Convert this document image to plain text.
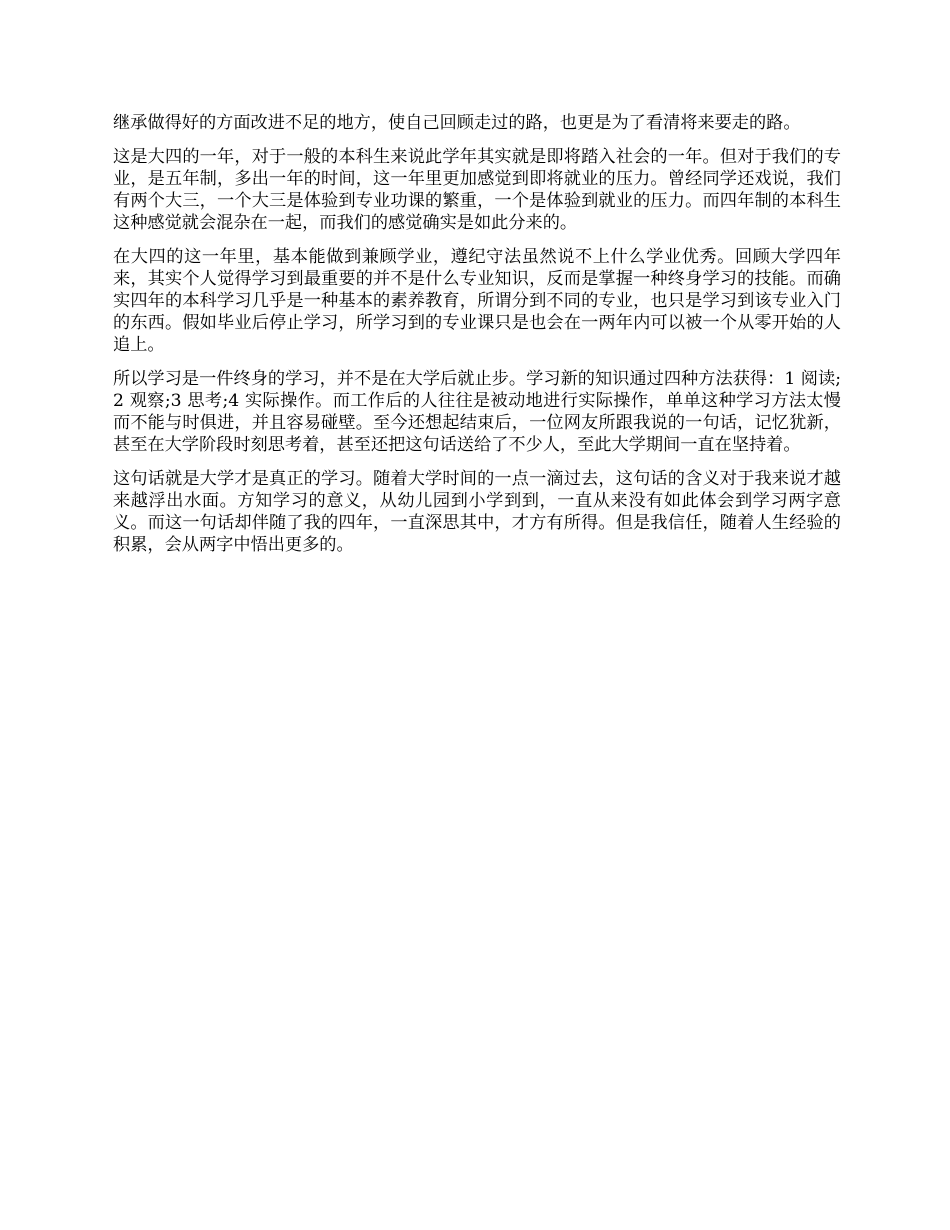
继承做得好的方面改进不足的地方，使自己回顾走过的路，也更是为了看清将来要走的路。

这是大四的一年，对于一般的本科生来说此学年其实就是即将踏入社会的一年。但对于我们的专业，是五年制，多出一年的时间，这一年里更加感觉到即将就业的压力。曾经同学还戏说，我们有两个大三，一个大三是体验到专业功课的繁重，一个是体验到就业的压力。而四年制的本科生这种感觉就会混杂在一起，而我们的感觉确实是如此分来的。

在大四的这一年里，基本能做到兼顾学业，遵纪守法虽然说不上什么学业优秀。回顾大学四年来，其实个人觉得学习到最重要的并不是什么专业知识，反而是掌握一种终身学习的技能。而确实四年的本科学习几乎是一种基本的素养教育，所谓分到不同的专业，也只是学习到该专业入门的东西。假如毕业后停止学习，所学习到的专业课只是也会在一两年内可以被一个从零开始的人追上。

所以学习是一件终身的学习，并不是在大学后就止步。学习新的知识通过四种方法获得：1 阅读;2 观察;3 思考;4 实际操作。而工作后的人往往是被动地进行实际操作，单单这种学习方法太慢而不能与时俱进，并且容易碰壁。至今还想起结束后，一位网友所跟我说的一句话，记忆犹新，甚至在大学阶段时刻思考着，甚至还把这句话送给了不少人，至此大学期间一直在坚持着。

这句话就是大学才是真正的学习。随着大学时间的一点一滴过去，这句话的含义对于我来说才越来越浮出水面。方知学习的意义，从幼儿园到小学到到，一直从来没有如此体会到学习两字意义。而这一句话却伴随了我的四年，一直深思其中，才方有所得。但是我信任，随着人生经验的积累，会从两字中悟出更多的。
